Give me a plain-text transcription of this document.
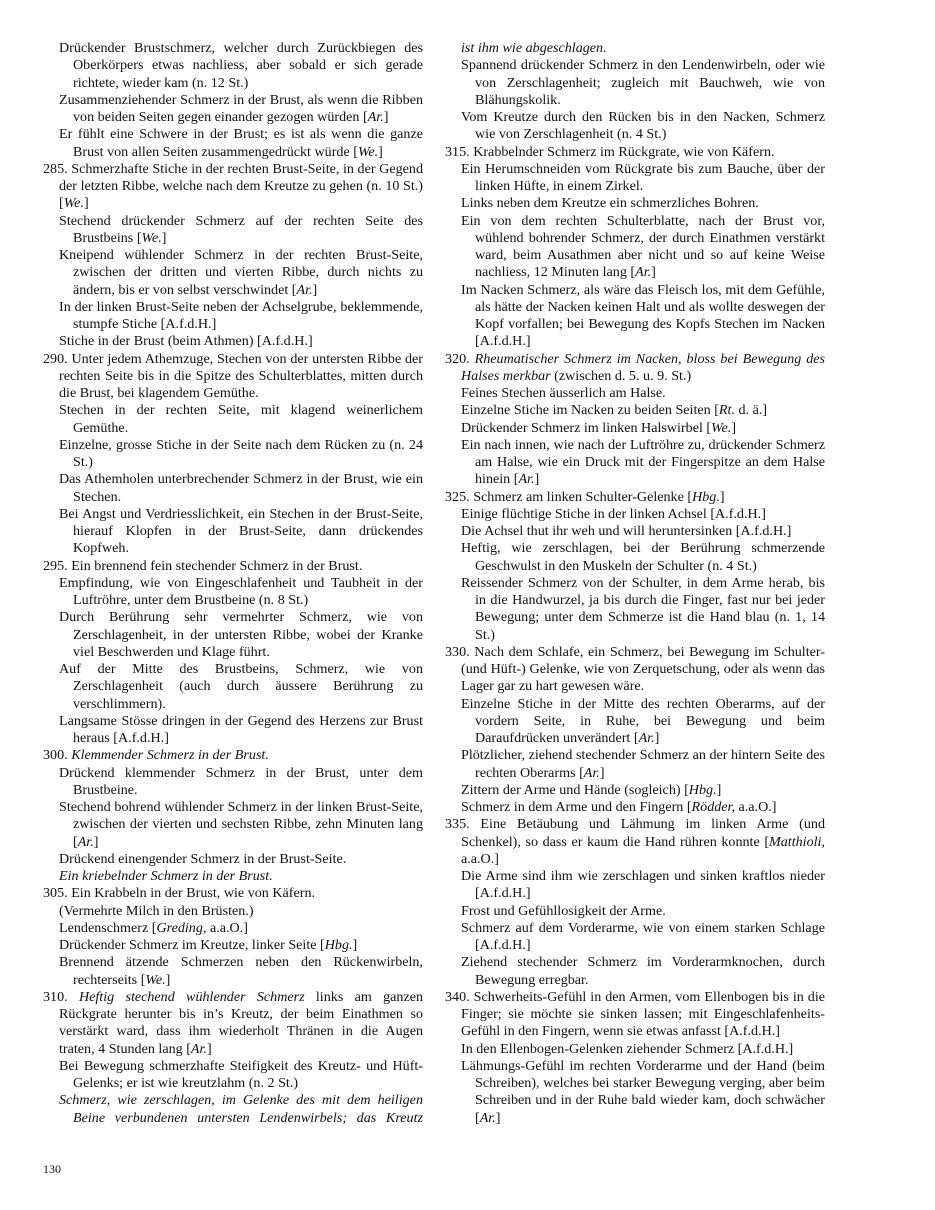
Drückender Brustschmerz, welcher durch Zurückbiegen des Oberkörpers etwas nachliess, aber sobald er sich gerade richtete, wieder kam (n. 12 St.)

Zusammenziehender Schmerz in der Brust, als wenn die Ribben von beiden Seiten gegen einander gezogen würden [Ar.]

Er fühlt eine Schwere in der Brust; es ist als wenn die ganze Brust von allen Seiten zusammengedrückt würde [We.]

285. Schmerzhafte Stiche in der rechten Brust-Seite, in der Gegend der letzten Ribbe, welche nach dem Kreutze zu gehen (n. 10 St.) [We.]

Stechend drückender Schmerz auf der rechten Seite des Brustbeins [We.]

Kneipend wühlender Schmerz in der rechten Brust-Seite, zwischen der dritten und vierten Ribbe, durch nichts zu ändern, bis er von selbst verschwindet [Ar.]

In der linken Brust-Seite neben der Achselgrube, beklemmende, stumpfe Stiche [A.f.d.H.]

Stiche in der Brust (beim Athmen) [A.f.d.H.]

290. Unter jedem Athemzuge, Stechen von der untersten Ribbe der rechten Seite bis in die Spitze des Schulterblattes, mitten durch die Brust, bei klagendem Gemüthe.

Stechen in der rechten Seite, mit klagend weinerlichem Gemüthe.

Einzelne, grosse Stiche in der Seite nach dem Rücken zu (n. 24 St.)

Das Athemholen unterbrechender Schmerz in der Brust, wie ein Stechen.

Bei Angst und Verdriesslichkeit, ein Stechen in der Brust-Seite, hierauf Klopfen in der Brust-Seite, dann drückendes Kopfweh.

295. Ein brennend fein stechender Schmerz in der Brust.

Empfindung, wie von Eingeschlafenheit und Taubheit in der Luftröhre, unter dem Brustbeine (n. 8 St.)

Durch Berührung sehr vermehrter Schmerz, wie von Zerschlagenheit, in der untersten Ribbe, wobei der Kranke viel Beschwerden und Klage führt.

Auf der Mitte des Brustbeins, Schmerz, wie von Zerschlagenheit (auch durch äussere Berührung zu verschlimmern).

Langsame Stösse dringen in der Gegend des Herzens zur Brust heraus [A.f.d.H.]

300. Klemmender Schmerz in der Brust.

Drückend klemmender Schmerz in der Brust, unter dem Brustbeine.

Stechend bohrend wühlender Schmerz in der linken Brust-Seite, zwischen der vierten und sechsten Ribbe, zehn Minuten lang [Ar.]

Drückend einengender Schmerz in der Brust-Seite.

Ein kriebelnder Schmerz in der Brust.

305. Ein Krabbeln in der Brust, wie von Käfern.

(Vermehrte Milch in den Brüsten.)

Lendenschmerz [Greding, a.a.O.]

Drückender Schmerz im Kreutze, linker Seite [Hbg.]

Brennend ätzende Schmerzen neben den Rückenwirbeln, rechterseits [We.]

310. Heftig stechend wühlender Schmerz links am ganzen Rückgrate herunter bis in’s Kreutz, der beim Einathmen so verstärkt ward, dass ihm wiederholt Thränen in die Augen traten, 4 Stunden lang [Ar.]

Bei Bewegung schmerzhafte Steifigkeit des Kreutz- und Hüft-Gelenks; er ist wie kreutzlahm (n. 2 St.)

Schmerz, wie zerschlagen, im Gelenke des mit dem heiligen Beine verbundenen untersten Lendenwirbels; das Kreutz

ist ihm wie abgeschlagen.

Spannend drückender Schmerz in den Lendenwirbeln, oder wie von Zerschlagenheit; zugleich mit Bauchweh, wie von Blähungskolik.

Vom Kreutze durch den Rücken bis in den Nacken, Schmerz wie von Zerschlagenheit (n. 4 St.)

315. Krabbelnder Schmerz im Rückgrate, wie von Käfern.

Ein Herumschneiden vom Rückgrate bis zum Bauche, über der linken Hüfte, in einem Zirkel.

Links neben dem Kreutze ein schmerzliches Bohren.

Ein von dem rechten Schulterblatte, nach der Brust vor, wühlend bohrender Schmerz, der durch Einathmen verstärkt ward, beim Ausathmen aber nicht und so auf keine Weise nachliess, 12 Minuten lang [Ar.]

Im Nacken Schmerz, als wäre das Fleisch los, mit dem Gefühle, als hätte der Nacken keinen Halt und als wollte deswegen der Kopf vorfallen; bei Bewegung des Kopfs Stechen im Nacken [A.f.d.H.]

320. Rheumatischer Schmerz im Nacken, bloss bei Bewegung des Halses merkbar (zwischen d. 5. u. 9. St.)

Feines Stechen äusserlich am Halse.

Einzelne Stiche im Nacken zu beiden Seiten [Rt. d. ä.]

Drückender Schmerz im linken Halswirbel [We.]

Ein nach innen, wie nach der Luftröhre zu, drückender Schmerz am Halse, wie ein Druck mit der Fingerspitze an dem Halse hinein [Ar.]

325. Schmerz am linken Schulter-Gelenke [Hbg.]

Einige flüchtige Stiche in der linken Achsel [A.f.d.H.]

Die Achsel thut ihr weh und will heruntersinken [A.f.d.H.]

Heftig, wie zerschlagen, bei der Berührung schmerzende Geschwulst in den Muskeln der Schulter (n. 4 St.)

Reissender Schmerz von der Schulter, in dem Arme herab, bis in die Handwurzel, ja bis durch die Finger, fast nur bei jeder Bewegung; unter dem Schmerze ist die Hand blau (n. 1, 14 St.)

330. Nach dem Schlafe, ein Schmerz, bei Bewegung im Schulter- (und Hüft-) Gelenke, wie von Zerquetschung, oder als wenn das Lager gar zu hart gewesen wäre.

Einzelne Stiche in der Mitte des rechten Oberarms, auf der vordern Seite, in Ruhe, bei Bewegung und beim Daraufdrücken unverändert [Ar.]

Plötzlicher, ziehend stechender Schmerz an der hintern Seite des rechten Oberarms [Ar.]

Zittern der Arme und Hände (sogleich) [Hbg.]

Schmerz in dem Arme und den Fingern [Rödder, a.a.O.]

335. Eine Betäubung und Lähmung im linken Arme (und Schenkel), so dass er kaum die Hand rühren konnte [Matthioli, a.a.O.]

Die Arme sind ihm wie zerschlagen und sinken kraftlos nieder [A.f.d.H.]

Frost und Gefühllosigkeit der Arme.

Schmerz auf dem Vorderarme, wie von einem starken Schlage [A.f.d.H.]

Ziehend stechender Schmerz im Vorderarmknochen, durch Bewegung erregbar.

340. Schwerheits-Gefühl in den Armen, vom Ellenbogen bis in die Finger; sie möchte sie sinken lassen; mit Eingeschlafenheits-Gefühl in den Fingern, wenn sie etwas anfasst [A.f.d.H.]

In den Ellenbogen-Gelenken ziehender Schmerz [A.f.d.H.]

Lähmungs-Gefühl im rechten Vorderarme und der Hand (beim Schreiben), welches bei starker Bewegung verging, aber beim Schreiben und in der Ruhe bald wieder kam, doch schwächer [Ar.]

130
